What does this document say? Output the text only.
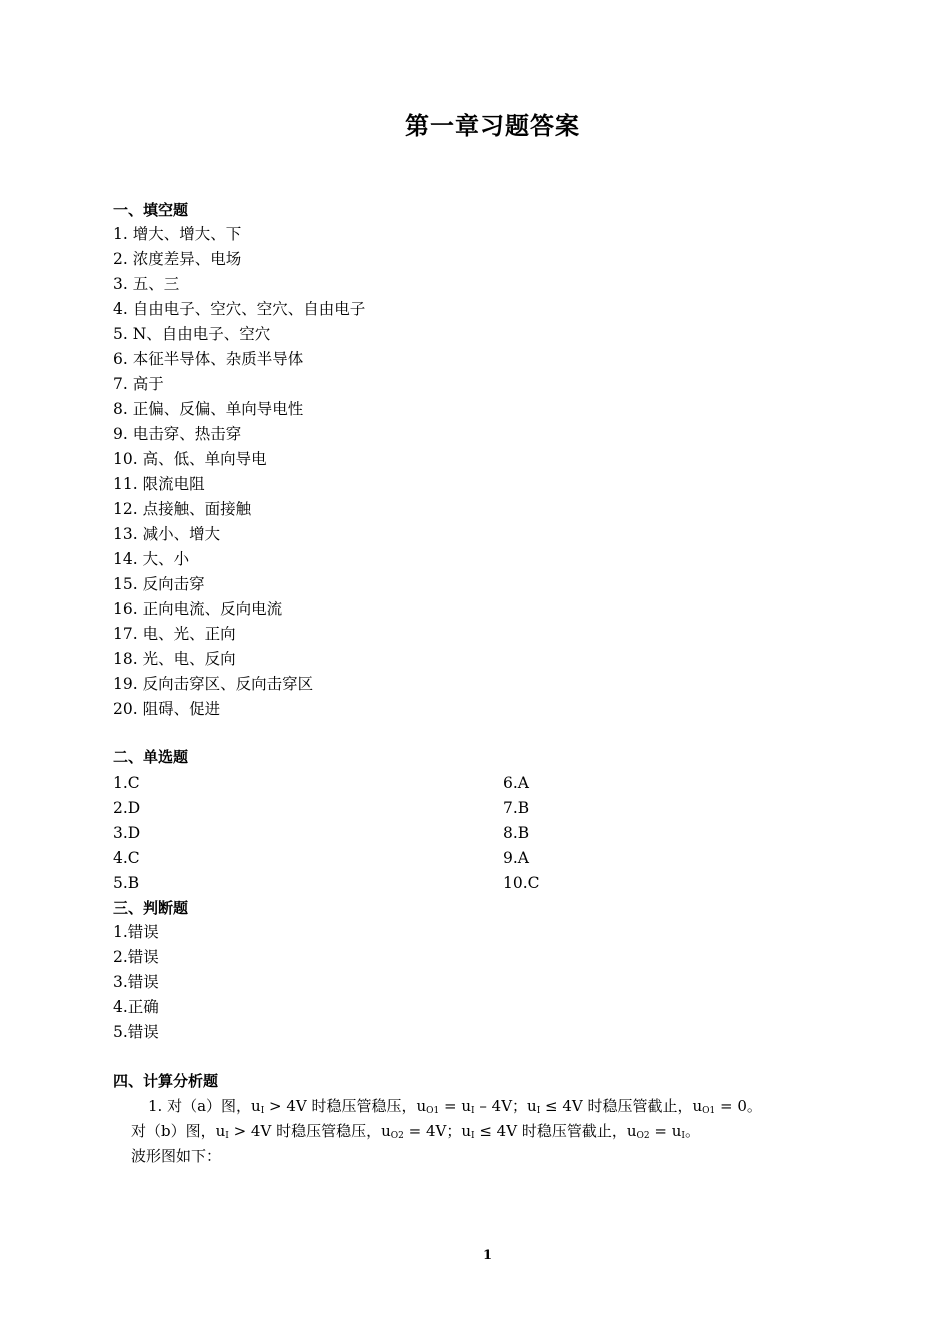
第一章习题答案
一、填空题
1. 增大、增大、下
2. 浓度差异、电场
3. 五、三
4. 自由电子、空穴、空穴、自由电子
5. N、自由电子、空穴
6. 本征半导体、杂质半导体
7. 高于
8. 正偏、反偏、单向导电性
9. 电击穿、热击穿
10. 高、低、单向导电
11. 限流电阻
12. 点接触、面接触
13. 减小、增大
14. 大、小
15. 反向击穿
16. 正向电流、反向电流
17. 电、光、正向
18. 光、电、反向
19. 反向击穿区、反向击穿区
20. 阻碍、促进
二、单选题
1.C
2.D
3.D
4.C
5.B
6.A
7.B
8.B
9.A
10.C
三、判断题
1.错误
2.错误
3.错误
4.正确
5.错误
四、计算分析题
1. 对（a）图，$u_I > 4V$ 时稳压管稳压，$u_{O1} = u_I - 4V$；$u_I \le 4V$ 时稳压管截止，$u_{O1} = 0$。
对（b）图，$u_I > 4V$ 时稳压管稳压，$u_{O2} = 4V$；$u_I \le 4V$ 时稳压管截止，$u_{O2} = u_I$。
波形图如下：
1
